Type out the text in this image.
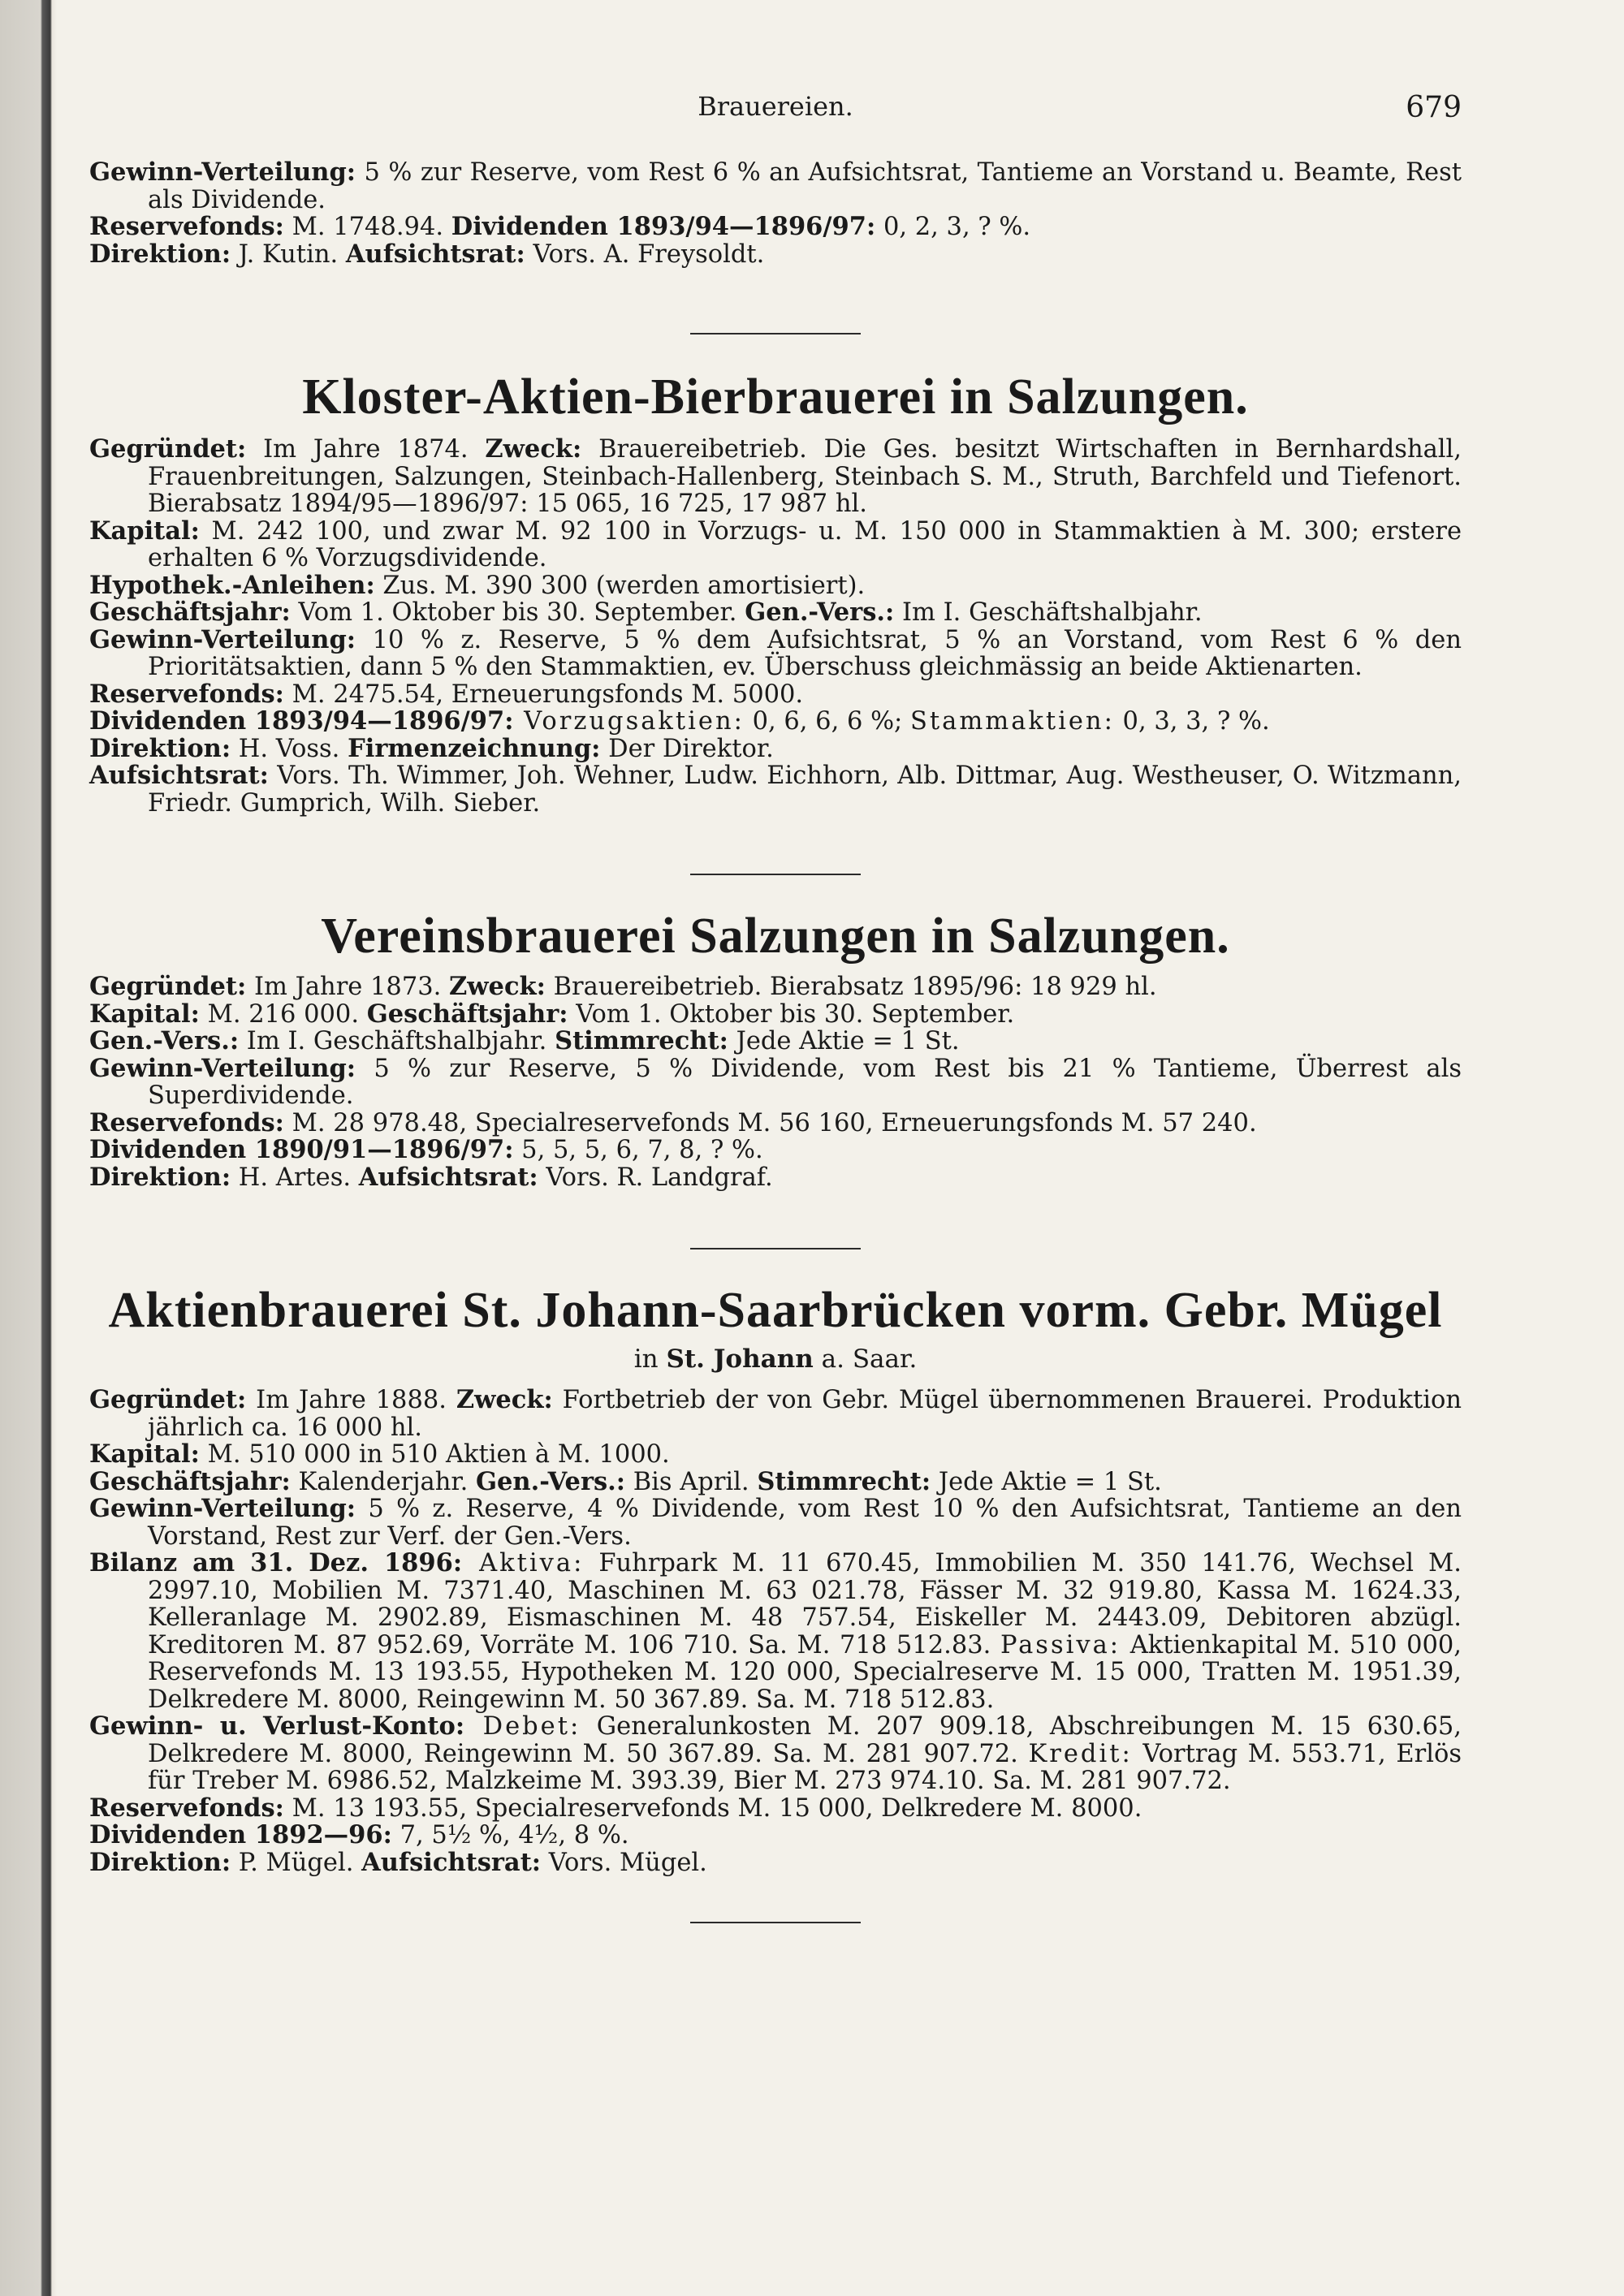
Brauereien.	679
Gewinn-Verteilung: 5 % zur Reserve, vom Rest 6 % an Aufsichtsrat, Tantieme an Vorstand u. Beamte, Rest als Dividende.
Reservefonds: M. 1748.94. Dividenden 1893/94—1896/97: 0, 2, 3, ? %.
Direktion: J. Kutin. Aufsichtsrat: Vors. A. Freysoldt.
Kloster-Aktien-Bierbrauerei in Salzungen.
Gegründet: Im Jahre 1874. Zweck: Brauereibetrieb. Die Ges. besitzt Wirtschaften in Bernhardshall, Frauenbreitungen, Salzungen, Steinbach-Hallenberg, Steinbach S. M., Struth, Barchfeld und Tiefenort. Bierabsatz 1894/95—1896/97: 15 065, 16 725, 17 987 hl.
Kapital: M. 242 100, und zwar M. 92 100 in Vorzugs- u. M. 150 000 in Stammaktien à M. 300; erstere erhalten 6 % Vorzugsdividende.
Hypothek.-Anleihen: Zus. M. 390 300 (werden amortisiert).
Geschäftsjahr: Vom 1. Oktober bis 30. September. Gen.-Vers.: Im I. Geschäftshalbjahr.
Gewinn-Verteilung: 10 % z. Reserve, 5 % dem Aufsichtsrat, 5 % an Vorstand, vom Rest 6 % den Prioritätsaktien, dann 5 % den Stammaktien, ev. Überschuss gleichmässig an beide Aktienarten.
Reservefonds: M. 2475.54, Erneuerungsfonds M. 5000.
Dividenden 1893/94—1896/97: Vorzugsaktien: 0, 6, 6, 6 %; Stammaktien: 0, 3, 3, ? %.
Direktion: H. Voss. Firmenzeichnung: Der Direktor.
Aufsichtsrat: Vors. Th. Wimmer, Joh. Wehner, Ludw. Eichhorn, Alb. Dittmar, Aug. Westheuser, O. Witzmann, Friedr. Gumprich, Wilh. Sieber.
Vereinsbrauerei Salzungen in Salzungen.
Gegründet: Im Jahre 1873. Zweck: Brauereibetrieb. Bierabsatz 1895/96: 18 929 hl.
Kapital: M. 216 000. Geschäftsjahr: Vom 1. Oktober bis 30. September.
Gen.-Vers.: Im I. Geschäftshalbjahr. Stimmrecht: Jede Aktie = 1 St.
Gewinn-Verteilung: 5 % zur Reserve, 5 % Dividende, vom Rest bis 21 % Tantieme, Überrest als Superdividende.
Reservefonds: M. 28 978.48, Specialreservefonds M. 56 160, Erneuerungsfonds M. 57 240.
Dividenden 1890/91—1896/97: 5, 5, 5, 6, 7, 8, ? %.
Direktion: H. Artes. Aufsichtsrat: Vors. R. Landgraf.
Aktienbrauerei St. Johann-Saarbrücken vorm. Gebr. Mügel
in St. Johann a. Saar.
Gegründet: Im Jahre 1888. Zweck: Fortbetrieb der von Gebr. Mügel übernommenen Brauerei. Produktion jährlich ca. 16 000 hl.
Kapital: M. 510 000 in 510 Aktien à M. 1000.
Geschäftsjahr: Kalenderjahr. Gen.-Vers.: Bis April. Stimmrecht: Jede Aktie = 1 St.
Gewinn-Verteilung: 5 % z. Reserve, 4 % Dividende, vom Rest 10 % den Aufsichtsrat, Tantieme an den Vorstand, Rest zur Verf. der Gen.-Vers.
Bilanz am 31. Dez. 1896: Aktiva: Fuhrpark M. 11 670.45, Immobilien M. 350 141.76, Wechsel M. 2997.10, Mobilien M. 7371.40, Maschinen M. 63 021.78, Fässer M. 32 919.80, Kassa M. 1624.33, Kelleranlage M. 2902.89, Eismaschinen M. 48 757.54, Eiskeller M. 2443.09, Debitoren abzügl. Kreditoren M. 87 952.69, Vorräte M. 106 710. Sa. M. 718 512.83. Passiva: Aktienkapital M. 510 000, Reservefonds M. 13 193.55, Hypotheken M. 120 000, Specialreserve M. 15 000, Tratten M. 1951.39, Delkredere M. 8000, Reingewinn M. 50 367.89. Sa. M. 718 512.83.
Gewinn- u. Verlust-Konto: Debet: Generalunkosten M. 207 909.18, Abschreibungen M. 15 630.65, Delkredere M. 8000, Reingewinn M. 50 367.89. Sa. M. 281 907.72. Kredit: Vortrag M. 553.71, Erlös für Treber M. 6986.52, Malzkeime M. 393.39, Bier M. 273 974.10. Sa. M. 281 907.72.
Reservefonds: M. 13 193.55, Specialreservefonds M. 15 000, Delkredere M. 8000.
Dividenden 1892—96: 7, 5½ %, 4½, 8 %.
Direktion: P. Mügel. Aufsichtsrat: Vors. Mügel.
